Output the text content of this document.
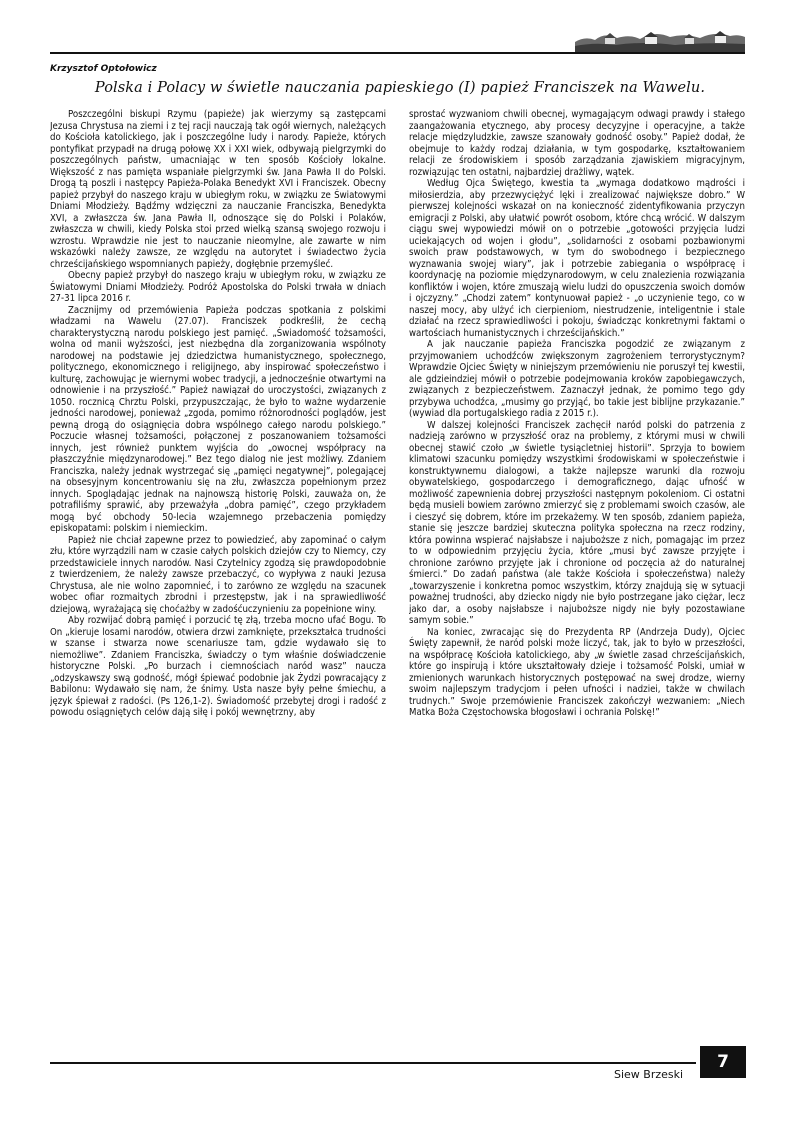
Krzysztof Optołowicz
Polska i Polacy w świetle nauczania papieskiego (I) papież Franciszek na Wawelu.

Poszczególni biskupi Rzymu (papieże) jak wierzymy są zastępcami Jezusa Chrystusa na ziemi i z tej racji nauczają tak ogół wiernych, należących do Kościoła katolickiego, jak i poszczególne ludy i narody. Papieże, których pontyfikat przypadł na drugą połowę XX i XXI wiek, odbywają pielgrzymki do poszczególnych państw, umacniając w ten sposób Kościoły lokalne. Większość z nas pamięta wspaniałe pielgrzymki św. Jana Pawła II do Polski. Drogą tą poszli i następcy Papieża-Polaka Benedykt XVI i Franciszek. Obecny papież przybył do naszego kraju w ubiegłym roku, w związku ze Światowymi Dniami Młodzieży. Bądźmy wdzięczni za nauczanie Franciszka, Benedykta XVI, a zwłaszcza św. Jana Pawła II, odnoszące się do Polski i Polaków, zwłaszcza w chwili, kiedy Polska stoi przed wielką szansą swojego rozwoju i wzrostu. Wprawdzie nie jest to nauczanie nieomylne, ale zawarte w nim wskazówki należy zawsze, ze względu na autorytet i świadectwo życia chrześcijańskiego wspomnianych papieży, dogłębnie przemyśleć.

Obecny papież przybył do naszego kraju w ubiegłym roku, w związku ze Światowymi Dniami Młodzieży. Podróż Apostolska do Polski trwała w dniach 27-31 lipca 2016 r.

Zacznijmy od przemówienia Papieża podczas spotkania z polskimi władzami na Wawelu (27.07). Franciszek podkreślił, że cechą charakterystyczną narodu polskiego jest pamięć. „Świadomość tożsamości, wolna od manii wyższości, jest niezbędna dla zorganizowania wspólnoty narodowej na podstawie jej dziedzictwa humanistycznego, społecznego, politycznego, ekonomicznego i religijnego, aby inspirować społeczeństwo i kulturę, zachowując je wiernymi wobec tradycji, a jednocześnie otwartymi na odnowienie i na przyszłość.” Papież nawiązał do uroczystości, związanych z 1050. rocznicą Chrztu Polski, przypuszczając, że było to ważne wydarzenie jedności narodowej, ponieważ „zgoda, pomimo różnorodności poglądów, jest pewną drogą do osiągnięcia dobra wspólnego całego narodu polskiego.” Poczucie własnej tożsamości, połączonej z poszanowaniem tożsamości innych, jest również punktem wyjścia do „owocnej współpracy na płaszczyźnie międzynarodowej.” Bez tego dialog nie jest możliwy. Zdaniem Franciszka, należy jednak wystrzegać się „pamięci negatywnej”, polegającej na obsesyjnym koncentrowaniu się na złu, zwłaszcza popełnionym przez innych. Spoglądając jednak na najnowszą historię Polski, zauważa on, że potrafiliśmy sprawić, aby przeważyła „dobra pamięć”, czego przykładem mogą być obchody 50-lecia wzajemnego przebaczenia pomiędzy episkopatami: polskim i niemieckim.

Papież nie chciał zapewne przez to powiedzieć, aby zapominać o całym złu, które wyrządzili nam w czasie całych polskich dziejów czy to Niemcy, czy przedstawiciele innych narodów. Nasi Czytelnicy zgodzą się prawdopodobnie z twierdzeniem, że należy zawsze przebaczyć, co wypływa z nauki Jezusa Chrystusa, ale nie wolno zapomnieć, i to zarówno ze względu na szacunek wobec ofiar rozmaitych zbrodni i przestępstw, jak i na sprawiedliwość dziejową, wyrażającą się choćażby w zadośćuczynieniu za popełnione winy.

Aby rozwijać dobrą pamięć i porzucić tę złą, trzeba mocno ufać Bogu. To On „kieruje losami narodów, otwiera drzwi zamknięte, przekształca trudności w szanse i stwarza nowe scenariusze tam, gdzie wydawało się to niemożliwe”. Zdaniem Franciszka, świadczy o tym właśnie doświadczenie historyczne Polski. „Po burzach i ciemnościach naród wasz” naucza „odzyskawszy swą godność, mógł śpiewać podobnie jak Żydzi powracający z Babilonu: Wydawało się nam, że śnimy. Usta nasze były pełne śmiechu, a język śpiewał z radości. (Ps 126,1-2). Świadomość przebytej drogi i radość z powodu osiągniętych celów dają siłę i pokój wewnętrzny, aby

sprostać wyzwaniom chwili obecnej, wymagającym odwagi prawdy i stałego zaangażowania etycznego, aby procesy decyzyjne i operacyjne, a także relacje międzyludzkie, zawsze szanowały godność osoby.” Papież dodał, że obejmuje to każdy rodzaj działania, w tym gospodarkę, kształtowaniem relacji ze środowiskiem i sposób zarządzania zjawiskiem migracyjnym, rozwiązując ten ostatni, najbardziej drażliwy, wątek.

Według Ojca Świętego, kwestia ta „wymaga dodatkowo mądrości i miłosierdzia, aby przezwyciężyć lęki i zrealizować największe dobro.” W pierwszej kolejności wskazał on na konieczność zidentyfikowania przyczyn emigracji z Polski, aby ułatwić powrót osobom, które chcą wrócić. W dalszym ciągu swej wypowiedzi mówił on o potrzebie „gotowości przyjęcia ludzi uciekających od wojen i głodu”, „solidarności z osobami pozbawionymi swoich praw podstawowych, w tym do swobodnego i bezpiecznego wyznawania swojej wiary”, jak i potrzebie zabiegania o współpracę i koordynację na poziomie międzynarodowym, w celu znalezienia rozwiązania konfliktów i wojen, które zmuszają wielu ludzi do opuszczenia swoich domów i ojczyzny.” „Chodzi zatem” kontynuował papież - „o uczynienie tego, co w naszej mocy, aby ulżyć ich cierpieniom, niestrudzenie, inteligentnie i stale działać na rzecz sprawiedliwości i pokoju, świadcząc konkretnymi faktami o wartościach humanistycznych i chrześcijańskich.”

A jak nauczanie papieża Franciszka pogodzić ze związanym z przyjmowaniem uchodźców zwiększonym zagrożeniem terrorystycznym? Wprawdzie Ojciec Święty w niniejszym przemówieniu nie poruszył tej kwestii, ale gdzieindziej mówił o potrzebie podejmowania kroków zapobiegawczych, związanych z bezpieczeństwem. Zaznaczył jednak, że pomimo tego gdy przybywa uchodźca, „musimy go przyjąć, bo takie jest biblijne przykazanie.” (wywiad dla portugalskiego radia z 2015 r.).

W dalszej kolejności Franciszek zachęcił naród polski do patrzenia z nadzieją zarówno w przyszłość oraz na problemy, z którymi musi w chwili obecnej stawić czoło „w świetle tysiącletniej historii”. Sprzyja to bowiem klimatowi szacunku pomiędzy wszystkimi środowiskami w społeczeństwie i konstruktywnemu dialogowi, a także najlepsze warunki dla rozwoju obywatelskiego, gospodarczego i demograficznego, dając ufność w możliwość zapewnienia dobrej przyszłości następnym pokoleniom. Ci ostatni będą musieli bowiem zarówno zmierzyć się z problemami swoich czasów, ale i cieszyć się dobrem, które im przekażemy. W ten sposób, zdaniem papieża, stanie się jeszcze bardziej skuteczna polityka społeczna na rzecz rodziny, która powinna wspierać najsłabsze i najuboższe z nich, pomagając im przez to w odpowiednim przyjęciu życia, które „musi być zawsze przyjęte i chronione zarówno przyjęte jak i chronione od poczęcia aż do naturalnej śmierci.” Do zadań państwa (ale także Kościoła i społeczeństwa) należy „towarzyszenie i konkretna pomoc wszystkim, którzy znajdują się w sytuacji poważnej trudności, aby dziecko nigdy nie było postrzegane jako ciężar, lecz jako dar, a osoby najsłabsze i najuboższe nigdy nie były pozostawiane samym sobie.”

Na koniec, zwracając się do Prezydenta RP (Andrzeja Dudy), Ojciec Święty zapewnił, że naród polski może liczyć, tak, jak to było w przeszłości, na współpracę Kościoła katolickiego, aby „w świetle zasad chrześcijańskich, które go inspirują i które ukształtowały dzieje i tożsamość Polski, umiał w zmienionych warunkach historycznych postępować na swej drodze, wierny swoim najlepszym tradycjom i pełen ufności i nadziei, także w chwilach trudnych.” Swoje przemówienie Franciszek zakończył wezwaniem: „Niech Matka Boża Częstochowska błogosławi i ochrania Polskę!”

Siew Brzeski
7
